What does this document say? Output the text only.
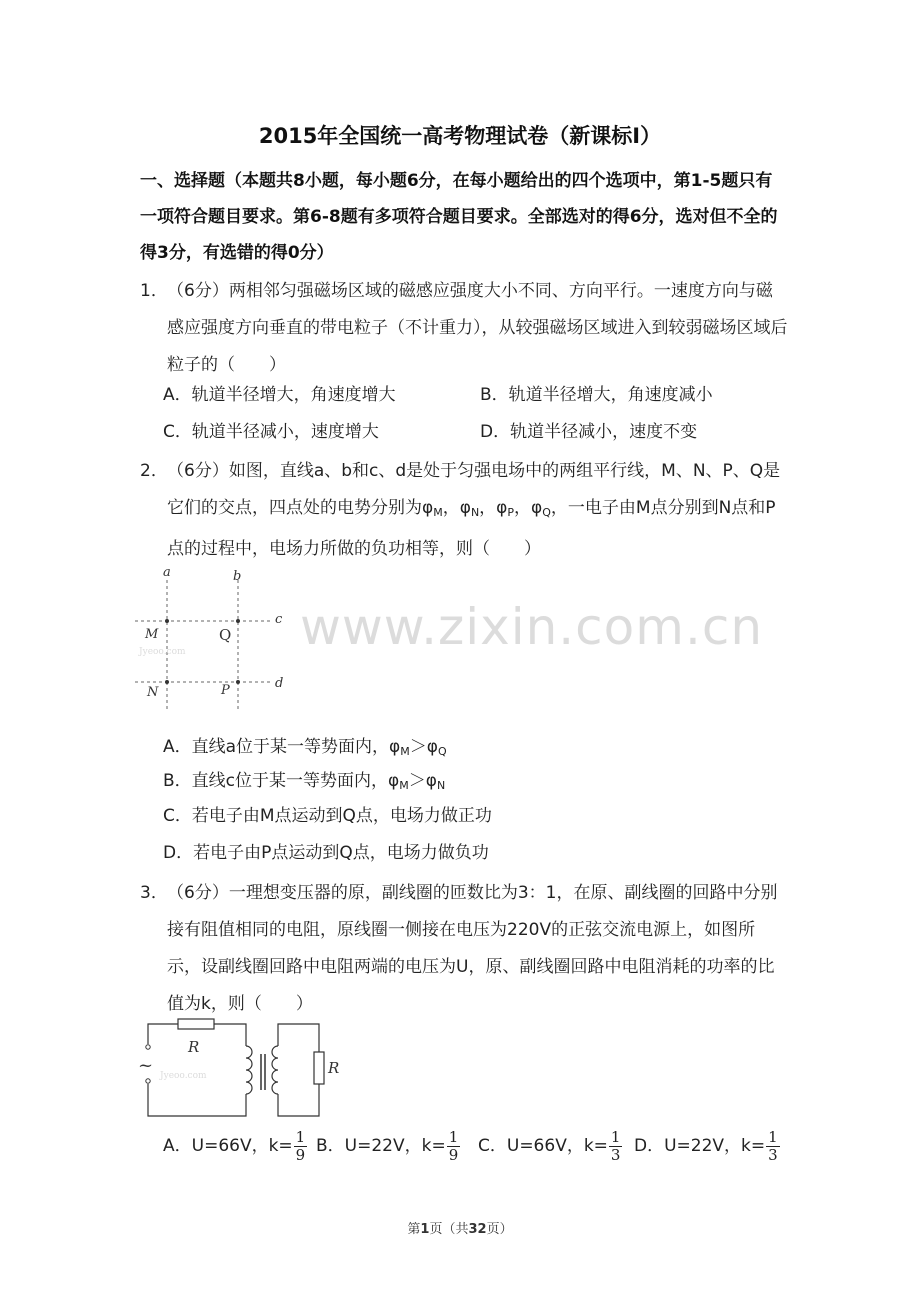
2015年全国统一高考物理试卷（新课标Ⅰ）
一、选择题（本题共8小题，每小题6分，在每小题给出的四个选项中，第1-5题只有一项符合题目要求。第6-8题有多项符合题目要求。全部选对的得6分，选对但不全的得3分，有选错的得0分）
1． （6分）两相邻匀强磁场区域的磁感应强度大小不同、方向平行。一速度方向与磁感应强度方向垂直的带电粒子（不计重力），从较强磁场区域进入到较弱磁场区域后粒子的（　　）
A．轨道半径增大，角速度增大	B．轨道半径增大，角速度减小
C．轨道半径减小，速度增大	D．轨道半径减小，速度不变
2． （6分）如图，直线a、b和c、d是处于匀强电场中的两组平行线，M、N、P、Q是它们的交点，四点处的电势分别为$\varphi_M$，$\varphi_N$，$\varphi_P$，$\varphi_Q$，一电子由M点分别到N点和P点的过程中，电场力所做的负功相等，则（　　）
a	b
c
d
M	Q
N	P
Jyeoo.com
A．直线a位于某一等势面内，$\varphi_M>\varphi_Q$
B．直线c位于某一等势面内，$\varphi_M>\varphi_N$
C．若电子由M点运动到Q点，电场力做正功
D．若电子由P点运动到Q点，电场力做负功
3． （6分）一理想变压器的原，副线圈的匝数比为3：1，在原、副线圈的回路中分别接有阻值相同的电阻，原线圈一侧接在电压为220V的正弦交流电源上，如图所示，设副线圈回路中电阻两端的电压为U，原、副线圈回路中电阻消耗的功率的比值为k，则（　　）
~
R
R
Jyeoo.com
A．U=66V，$k= \frac{1}{9}$ B．U=22V，$k= \frac{1}{9}$ C．U=66V，$k= \frac{1}{3}$ D．U=22V，$k= \frac{1}{3}$
www.zixin.com.cn
第1页（共32页）
